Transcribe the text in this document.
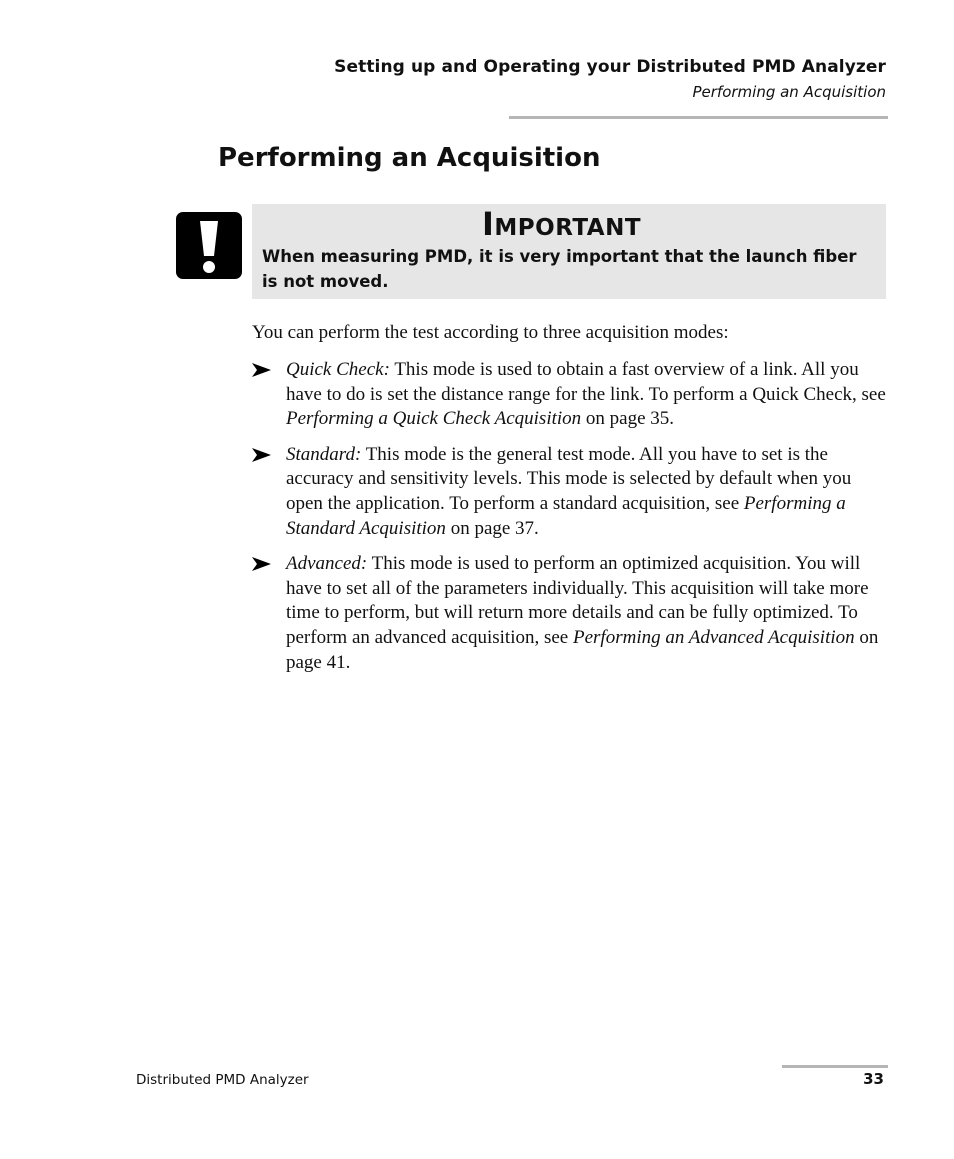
Setting up and Operating your Distributed PMD Analyzer
Performing an Acquisition
Performing an Acquisition
IMPORTANT
When measuring PMD, it is very important that the launch fiber is not moved.

You can perform the test according to three acquisition modes:

Quick Check: This mode is used to obtain a fast overview of a link. All you have to do is set the distance range for the link. To perform a Quick Check, see Performing a Quick Check Acquisition on page 35.
Standard: This mode is the general test mode. All you have to set is the accuracy and sensitivity levels. This mode is selected by default when you open the application. To perform a standard acquisition, see Performing a Standard Acquisition on page 37.
Advanced: This mode is used to perform an optimized acquisition. You will have to set all of the parameters individually. This acquisition will take more time to perform, but will return more details and can be fully optimized. To perform an advanced acquisition, see Performing an Advanced Acquisition on page 41.
Distributed PMD Analyzer	33
